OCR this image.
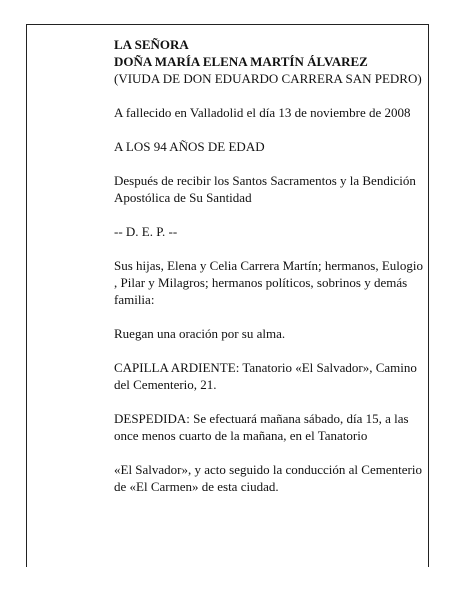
LA SEÑORA

DOÑA MARÍA ELENA MARTÍN ÁLVAREZ

(VIUDA DE DON EDUARDO CARRERA SAN PEDRO)

A fallecido en Valladolid el día 13 de noviembre de 2008

A LOS 94 AÑOS DE EDAD

Después de recibir los Santos Sacramentos y la Bendición Apostólica de Su Santidad

-- D. E. P. --

Sus hijas, Elena y Celia Carrera Martín; hermanos, Eulogio , Pilar y Milagros; hermanos políticos, sobrinos y demás familia:

Ruegan una oración por su alma.

CAPILLA ARDIENTE: Tanatorio «El Salvador», Camino del Cementerio, 21.

DESPEDIDA: Se efectuará mañana sábado, día 15, a las once menos cuarto de la mañana, en el Tanatorio

«El Salvador», y acto seguido la conducción al Cementerio de «El Carmen» de esta ciudad.
